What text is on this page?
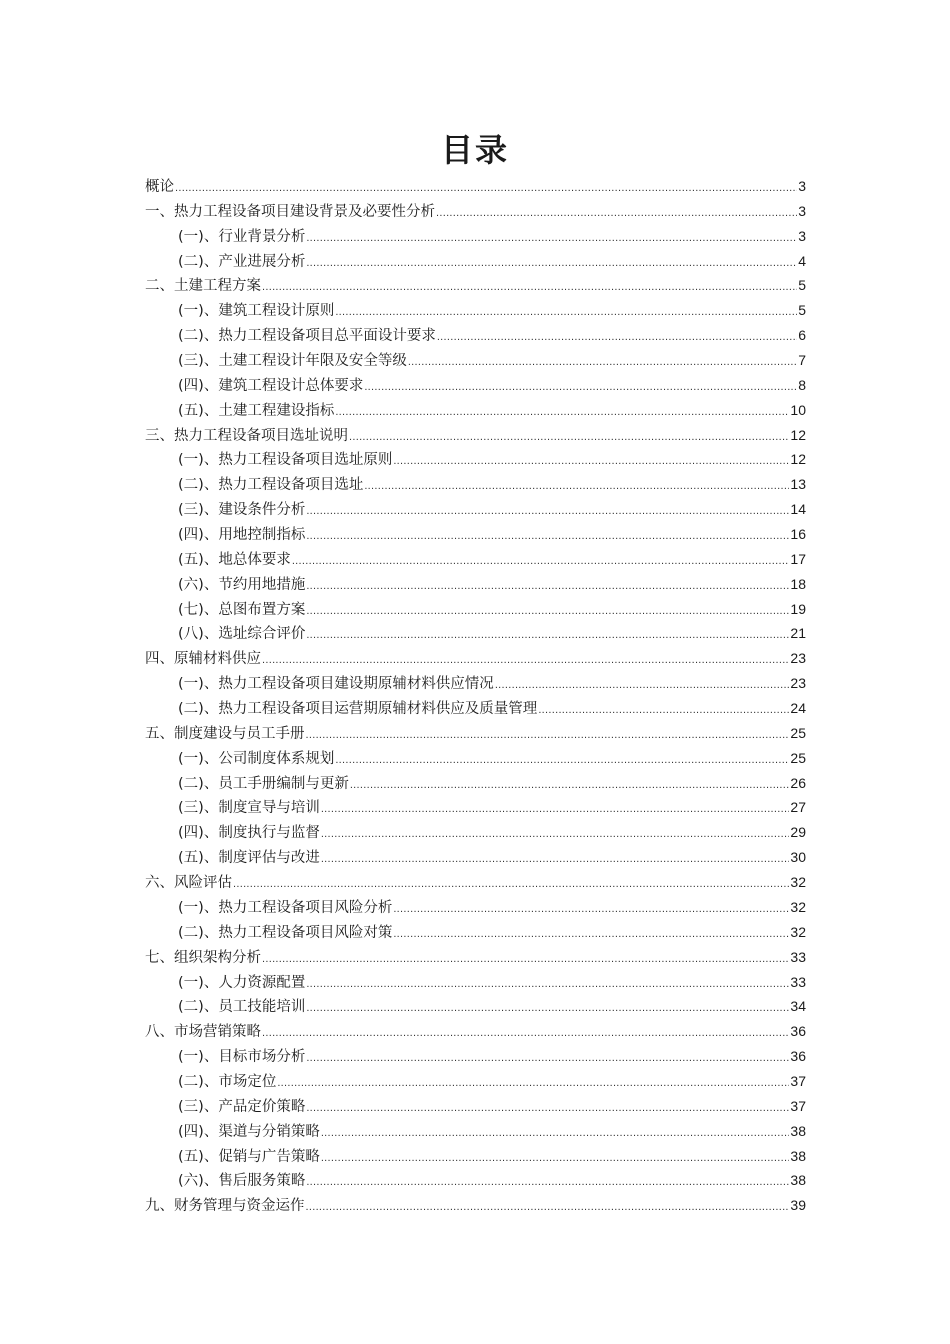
目录
概论 .....	3
一、热力工程设备项目建设背景及必要性分析 .....	3
(一)、行业背景分析 .....	3
(二)、产业进展分析 .....	4
二、土建工程方案 .....	5
(一)、建筑工程设计原则 .....	5
(二)、热力工程设备项目总平面设计要求 .....	6
(三)、土建工程设计年限及安全等级 .....	7
(四)、建筑工程设计总体要求 .....	8
(五)、土建工程建设指标 .....	10
三、热力工程设备项目选址说明 .....	12
(一)、热力工程设备项目选址原则 .....	12
(二)、热力工程设备项目选址 .....	13
(三)、建设条件分析 .....	14
(四)、用地控制指标 .....	16
(五)、地总体要求 .....	17
(六)、节约用地措施 .....	18
(七)、总图布置方案 .....	19
(八)、选址综合评价 .....	21
四、原辅材料供应 .....	23
(一)、热力工程设备项目建设期原辅材料供应情况 .....	23
(二)、热力工程设备项目运营期原辅材料供应及质量管理 .....	24
五、制度建设与员工手册 .....	25
(一)、公司制度体系规划 .....	25
(二)、员工手册编制与更新 .....	26
(三)、制度宣导与培训 .....	27
(四)、制度执行与监督 .....	29
(五)、制度评估与改进 .....	30
六、风险评估 .....	32
(一)、热力工程设备项目风险分析 .....	32
(二)、热力工程设备项目风险对策 .....	32
七、组织架构分析 .....	33
(一)、人力资源配置 .....	33
(二)、员工技能培训 .....	34
八、市场营销策略 .....	36
(一)、目标市场分析 .....	36
(二)、市场定位 .....	37
(三)、产品定价策略 .....	37
(四)、渠道与分销策略 .....	38
(五)、促销与广告策略 .....	38
(六)、售后服务策略 .....	38
九、财务管理与资金运作 .....	39
